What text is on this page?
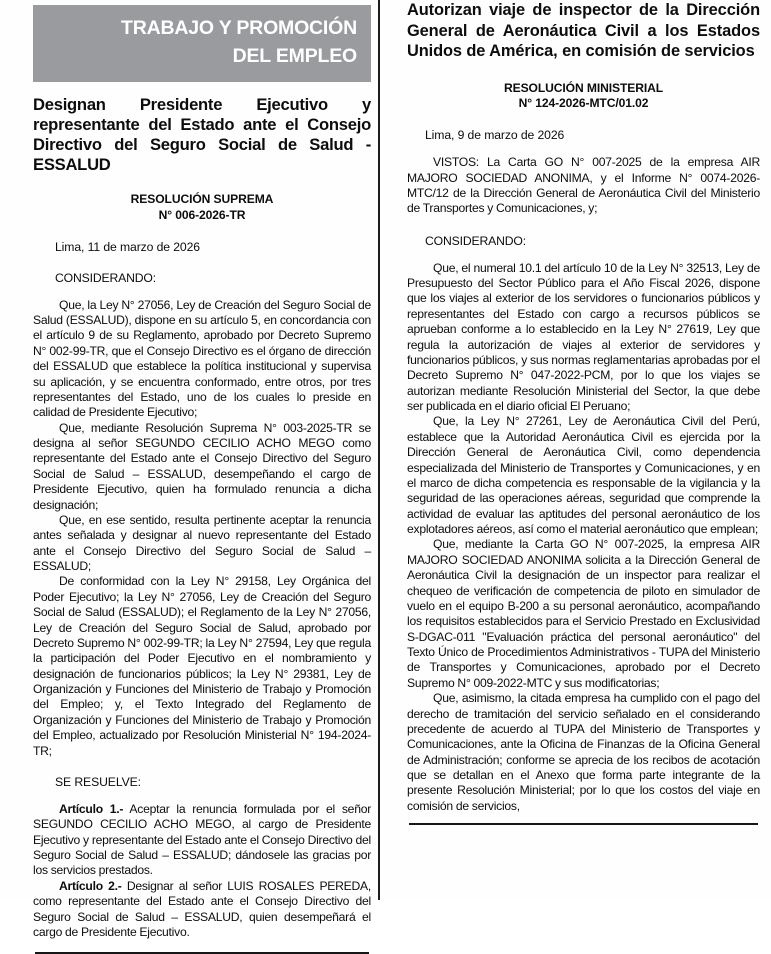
TRABAJO Y PROMOCIÓN
DEL EMPLEO
Designan Presidente Ejecutivo y representante del Estado ante el Consejo Directivo del Seguro Social de Salud - ESSALUD
RESOLUCIÓN SUPREMA
N° 006-2026-TR
Lima, 11 de marzo de 2026
CONSIDERANDO:

Que, la Ley N° 27056, Ley de Creación del Seguro Social de Salud (ESSALUD), dispone en su artículo 5, en concordancia con el artículo 9 de su Reglamento, aprobado por Decreto Supremo N° 002-99-TR, que el Consejo Directivo es el órgano de dirección del ESSALUD que establece la política institucional y supervisa su aplicación, y se encuentra conformado, entre otros, por tres representantes del Estado, uno de los cuales lo preside en calidad de Presidente Ejecutivo;

Que, mediante Resolución Suprema N° 003-2025-TR se designa al señor SEGUNDO CECILIO ACHO MEGO como representante del Estado ante el Consejo Directivo del Seguro Social de Salud – ESSALUD, desempeñando el cargo de Presidente Ejecutivo, quien ha formulado renuncia a dicha designación;

Que, en ese sentido, resulta pertinente aceptar la renuncia antes señalada y designar al nuevo representante del Estado ante el Consejo Directivo del Seguro Social de Salud – ESSALUD;

De conformidad con la Ley N° 29158, Ley Orgánica del Poder Ejecutivo; la Ley N° 27056, Ley de Creación del Seguro Social de Salud (ESSALUD); el Reglamento de la Ley N° 27056, Ley de Creación del Seguro Social de Salud, aprobado por Decreto Supremo N° 002-99-TR; la Ley N° 27594, Ley que regula la participación del Poder Ejecutivo en el nombramiento y designación de funcionarios públicos; la Ley N° 29381, Ley de Organización y Funciones del Ministerio de Trabajo y Promoción del Empleo; y, el Texto Integrado del Reglamento de Organización y Funciones del Ministerio de Trabajo y Promoción del Empleo, actualizado por Resolución Ministerial N° 194-2024-TR;

SE RESUELVE:

Artículo 1.- Aceptar la renuncia formulada por el señor SEGUNDO CECILIO ACHO MEGO, al cargo de Presidente Ejecutivo y representante del Estado ante el Consejo Directivo del Seguro Social de Salud – ESSALUD; dándosele las gracias por los servicios prestados.

Artículo 2.- Designar al señor LUIS ROSALES PEREDA, como representante del Estado ante el Consejo Directivo del Seguro Social de Salud – ESSALUD, quien desempeñará el cargo de Presidente Ejecutivo.

Autorizan viaje de inspector de la Dirección General de Aeronáutica Civil a los Estados Unidos de América, en comisión de servicios
RESOLUCIÓN MINISTERIAL
N° 124-2026-MTC/01.02
Lima, 9 de marzo de 2026

VISTOS: La Carta GO N° 007-2025 de la empresa AIR MAJORO SOCIEDAD ANONIMA, y el Informe N° 0074-2026-MTC/12 de la Dirección General de Aeronáutica Civil del Ministerio de Transportes y Comunicaciones, y;

CONSIDERANDO:

Que, el numeral 10.1 del artículo 10 de la Ley N° 32513, Ley de Presupuesto del Sector Público para el Año Fiscal 2026, dispone que los viajes al exterior de los servidores o funcionarios públicos y representantes del Estado con cargo a recursos públicos se aprueban conforme a lo establecido en la Ley N° 27619, Ley que regula la autorización de viajes al exterior de servidores y funcionarios públicos, y sus normas reglamentarias aprobadas por el Decreto Supremo N° 047-2022-PCM, por lo que los viajes se autorizan mediante Resolución Ministerial del Sector, la que debe ser publicada en el diario oficial El Peruano;

Que, la Ley N° 27261, Ley de Aeronáutica Civil del Perú, establece que la Autoridad Aeronáutica Civil es ejercida por la Dirección General de Aeronáutica Civil, como dependencia especializada del Ministerio de Transportes y Comunicaciones, y en el marco de dicha competencia es responsable de la vigilancia y la seguridad de las operaciones aéreas, seguridad que comprende la actividad de evaluar las aptitudes del personal aeronáutico de los explotadores aéreos, así como el material aeronáutico que emplean;

Que, mediante la Carta GO N° 007-2025, la empresa AIR MAJORO SOCIEDAD ANONIMA solicita a la Dirección General de Aeronáutica Civil la designación de un inspector para realizar el chequeo de verificación de competencia de piloto en simulador de vuelo en el equipo B-200 a su personal aeronáutico, acompañando los requisitos establecidos para el Servicio Prestado en Exclusividad S-DGAC-011 "Evaluación práctica del personal aeronáutico" del Texto Único de Procedimientos Administrativos - TUPA del Ministerio de Transportes y Comunicaciones, aprobado por el Decreto Supremo N° 009-2022-MTC y sus modificatorias;

Que, asimismo, la citada empresa ha cumplido con el pago del derecho de tramitación del servicio señalado en el considerando precedente de acuerdo al TUPA del Ministerio de Transportes y Comunicaciones, ante la Oficina de Finanzas de la Oficina General de Administración; conforme se aprecia de los recibos de acotación que se detallan en el Anexo que forma parte integrante de la presente Resolución Ministerial; por lo que los costos del viaje en comisión de servicios,
